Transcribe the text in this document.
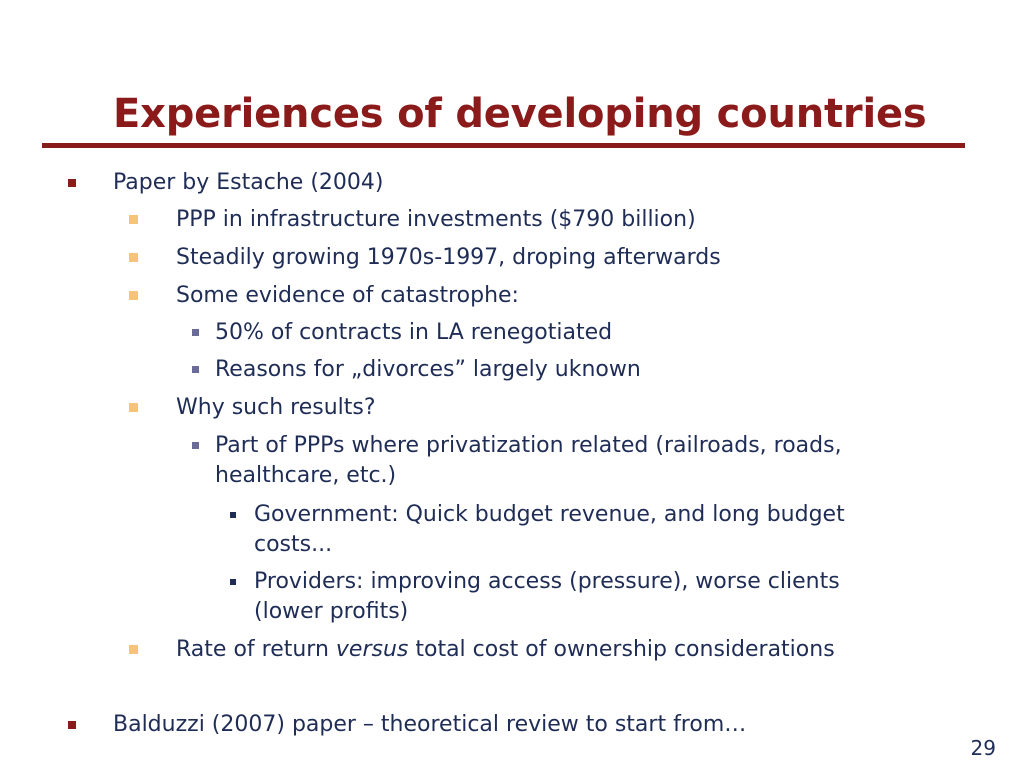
Experiences of developing countries
Paper by Estache (2004)
PPP in infrastructure investments ($790 billion)
Steadily growing 1970s-1997, droping afterwards
Some evidence of catastrophe:
50% of contracts in LA renegotiated
Reasons for „divorces” largely uknown
Why such results?
Part of PPPs where privatization related (railroads, roads,
healthcare, etc.)
Government: Quick budget revenue, and long budget
costs...
Providers: improving access (pressure), worse clients
(lower profits)
Rate of return versus total cost of ownership considerations
Balduzzi (2007) paper – theoretical review to start from…
29
